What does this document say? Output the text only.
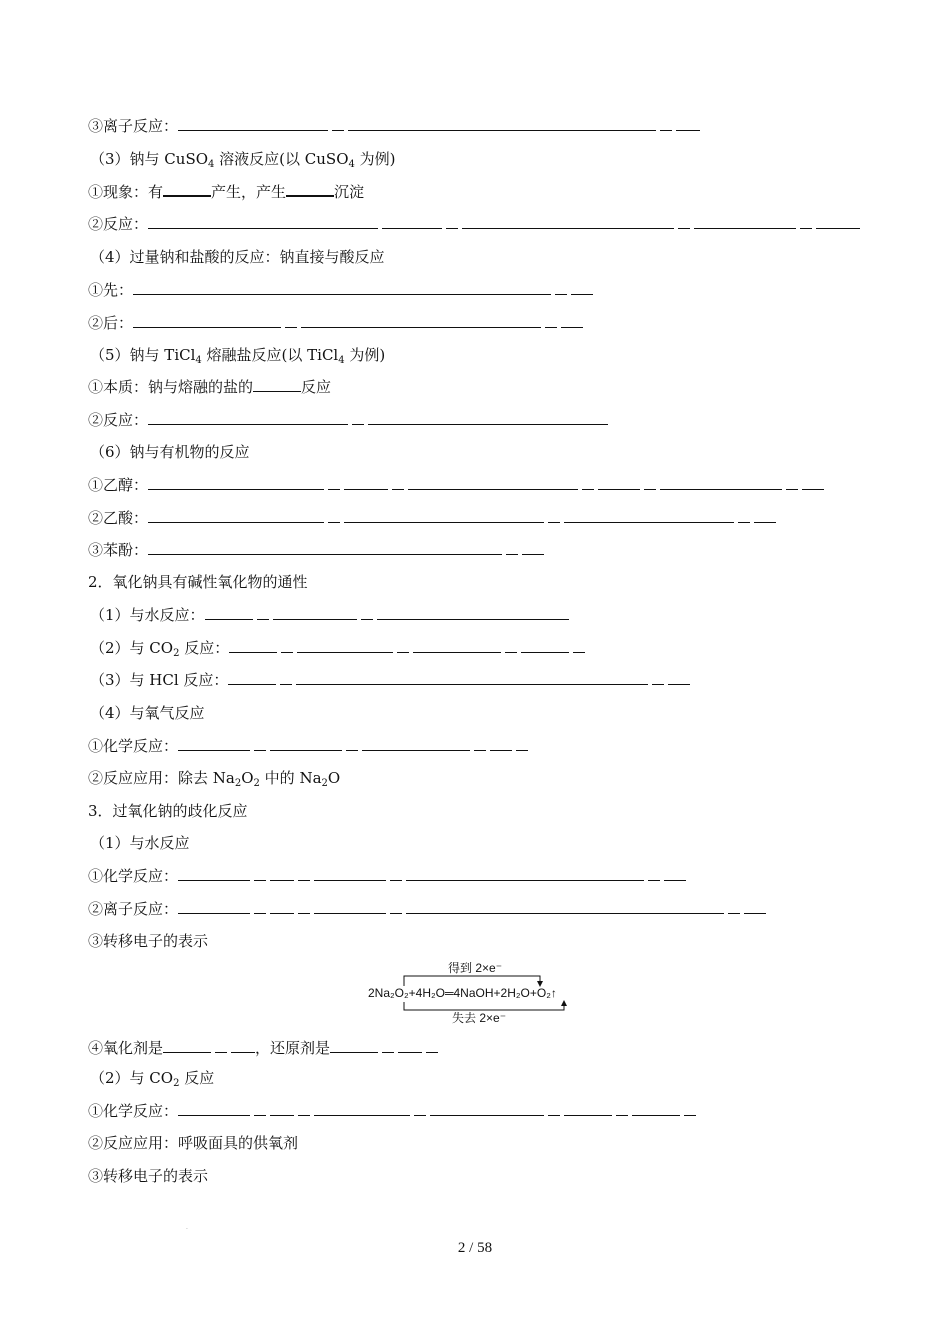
③离子反应：
（3）钠与 CuSO$_4$ 溶液反应(以 CuSO$_4$ 为例)
①现象：有	产生，产生	沉淀
②反应：
（4）过量钠和盐酸的反应：钠直接与酸反应
①先：
②后：
（5）钠与 TiCl$_4$ 熔融盐反应(以 TiCl$_4$ 为例)
①本质：钠与熔融的盐的	反应
②反应：
（6）钠与有机物的反应
①乙醇：
②乙酸：
③苯酚：
2．氧化钠具有碱性氧化物的通性
（1）与水反应：
（2）与 $CO_2$ 反应：
（3）与 HCl 反应：
（4）与氧气反应
①化学反应：
②反应应用：除去 $Na_2O_2$ 中的 $Na_2O$
3．过氧化钠的歧化反应
（1）与水反应
①化学反应：
②离子反应：
③转移电子的表示
得到 2×e⁻
2Na₂O₂+4H₂O═4NaOH+2H₂O+O₂↑
失去 2×e⁻
④氧化剂是	，还原剂是
（2）与 $CO_2$ 反应
①化学反应：
②反应应用：呼吸面具的供氧剂
③转移电子的表示
·
2 / 58
